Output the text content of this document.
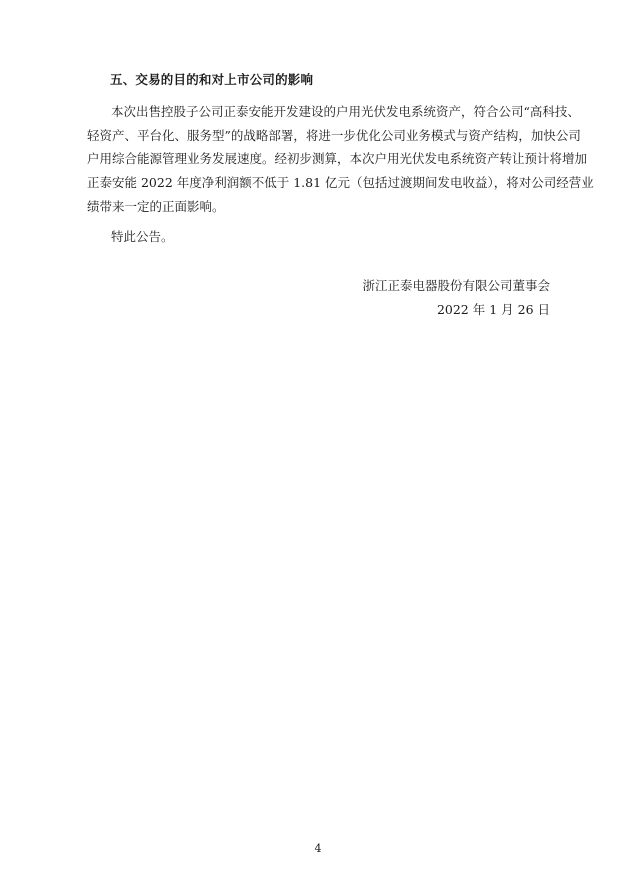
五、交易的目的和对上市公司的影响

本次出售控股子公司正泰安能开发建设的户用光伏发电系统资产，符合公司“高科技、
轻资产、平台化、服务型”的战略部署，将进一步优化公司业务模式与资产结构，加快公司
户用综合能源管理业务发展速度。经初步测算，本次户用光伏发电系统资产转让预计将增加
正泰安能 2022 年度净利润额不低于 1.81 亿元（包括过渡期间发电收益），将对公司经营业
绩带来一定的正面影响。

特此公告。
浙江正泰电器股份有限公司董事会
2022 年 1 月 26 日
4
